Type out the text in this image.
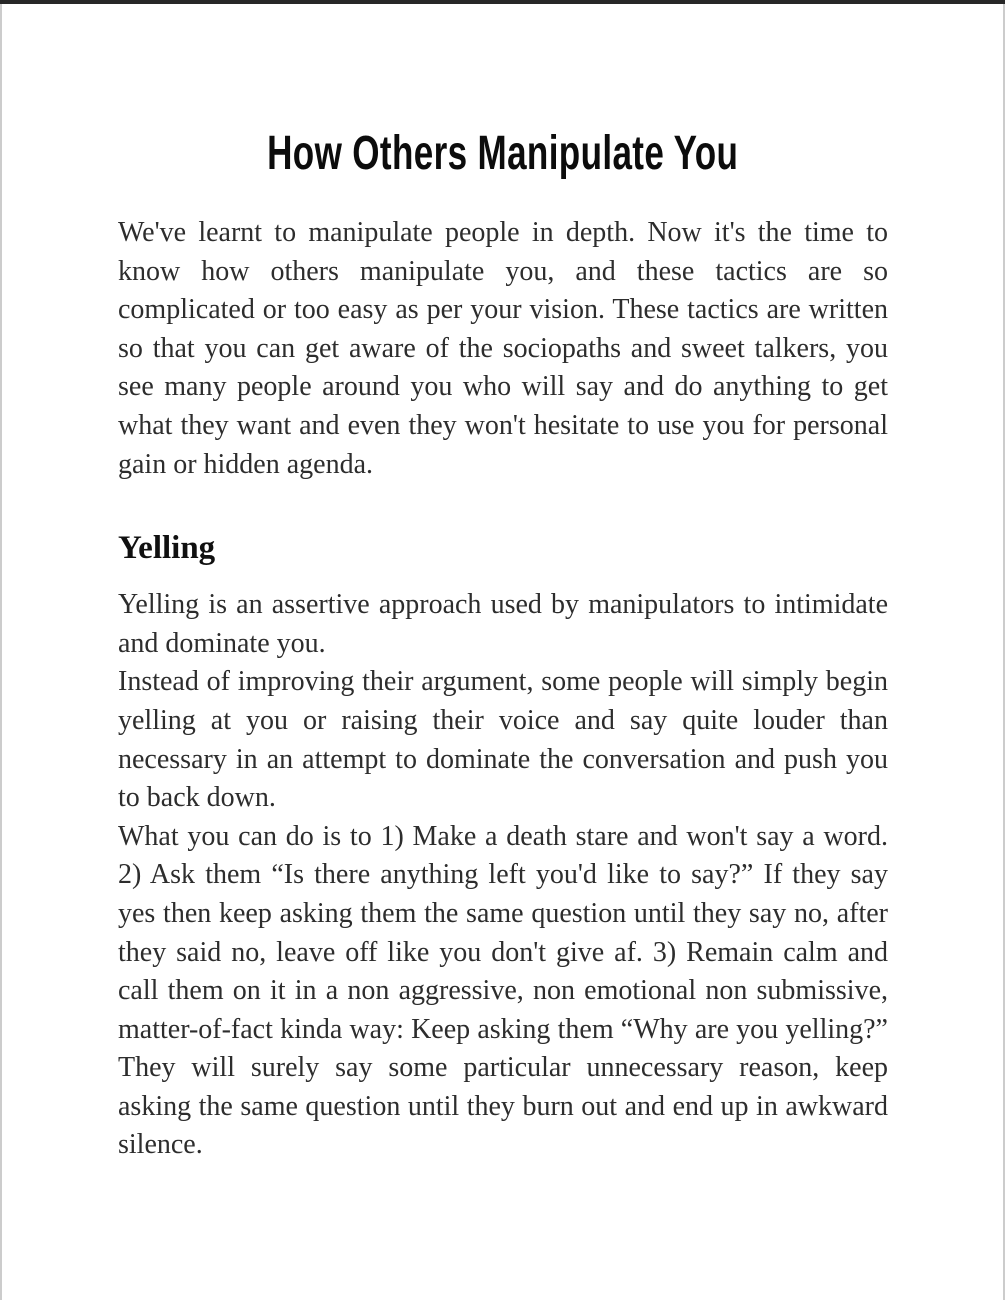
How Others Manipulate You

We've learnt to manipulate people in depth. Now it's the time to know how others manipulate you, and these tactics are so complicated or too easy as per your vision. These tactics are written so that you can get aware of the sociopaths and sweet talkers, you see many people around you who will say and do anything to get what they want and even they won't hesitate to use you for personal gain or hidden agenda.

Yelling

Yelling is an assertive approach used by manipulators to intimidate and dominate you.

Instead of improving their argument, some people will simply begin yelling at you or raising their voice and say quite louder than necessary in an attempt to dominate the conversation and push you to back down.

What you can do is to 1) Make a death stare and won't say a word. 2) Ask them “Is there anything left you'd like to say?” If they say yes then keep asking them the same question until they say no, after they said no, leave off like you don't give af. 3) Remain calm and call them on it in a non aggressive, non emotional non submissive, matter-of-fact kinda way: Keep asking them “Why are you yelling?” They will surely say some particular unnecessary reason, keep asking the same question until they burn out and end up in awkward silence.
